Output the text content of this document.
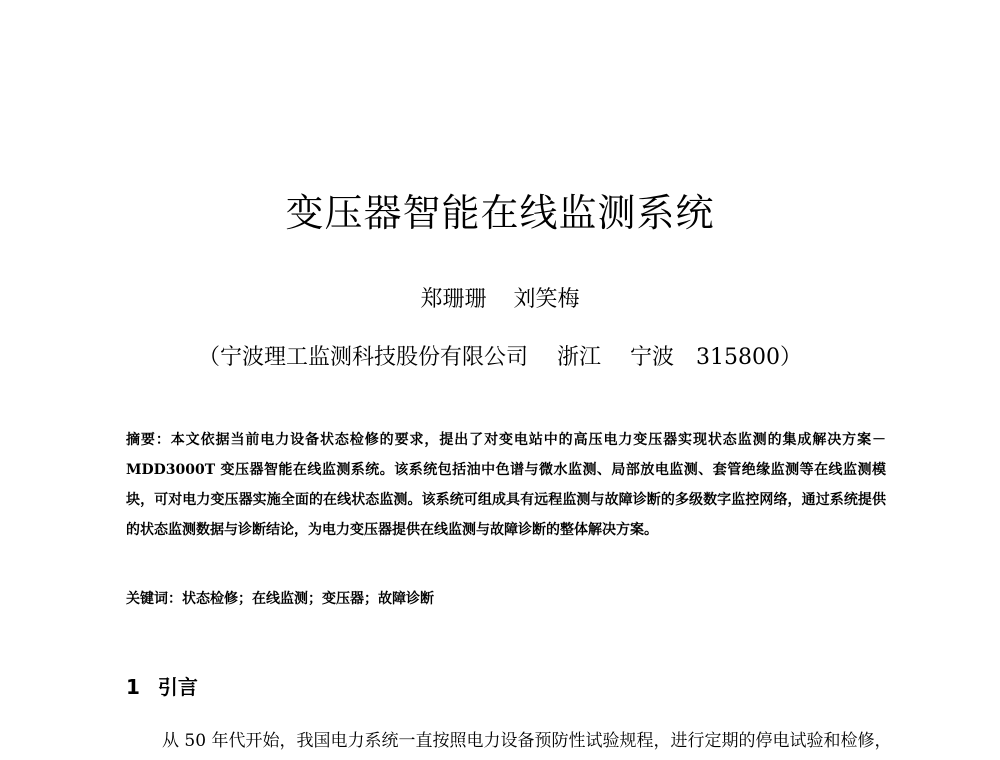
变压器智能在线监测系统
郑珊珊 刘笑梅
（宁波理工监测科技股份有限公司　 浙江　 宁波　315800）
摘要：本文依据当前电力设备状态检修的要求，提出了对变电站中的高压电力变压器实现状态监测的集成解决方案－MDD3000T 变压器智能在线监测系统。该系统包括油中色谱与微水监测、局部放电监测、套管绝缘监测等在线监测模块，可对电力变压器实施全面的在线状态监测。该系统可组成具有远程监测与故障诊断的多级数字监控网络，通过系统提供的状态监测数据与诊断结论，为电力变压器提供在线监测与故障诊断的整体解决方案。
关键词：状态检修；在线监测；变压器；故障诊断
1 引言
从 50 年代开始，我国电力系统一直按照电力设备预防性试验规程，进行定期的停电试验和检修，
